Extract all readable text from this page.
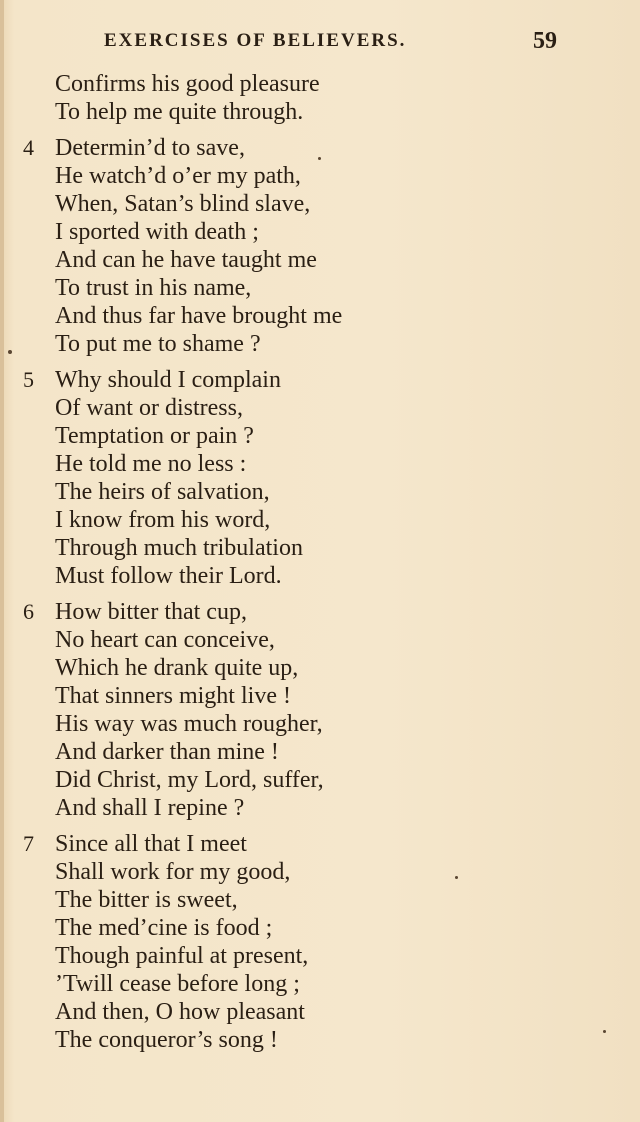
EXERCISES OF BELIEVERS.	59
Confirms his good pleasure
To help me quite through.
4 Determin’d to save,
He watch’d o’er my path,
When, Satan’s blind slave,
I sported with death ;
And can he have taught me
To trust in his name,
And thus far have brought me
To put me to shame ?
5 Why should I complain
Of want or distress,
Temptation or pain ?
He told me no less :
The heirs of salvation,
I know from his word,
Through much tribulation
Must follow their Lord.
6 How bitter that cup,
No heart can conceive,
Which he drank quite up,
That sinners might live !
His way was much rougher,
And darker than mine !
Did Christ, my Lord, suffer,
And shall I repine ?
7 Since all that I meet
Shall work for my good,
The bitter is sweet,
The med’cine is food ;
Though painful at present,
’Twill cease before long ;
And then, O how pleasant
The conqueror’s song !
